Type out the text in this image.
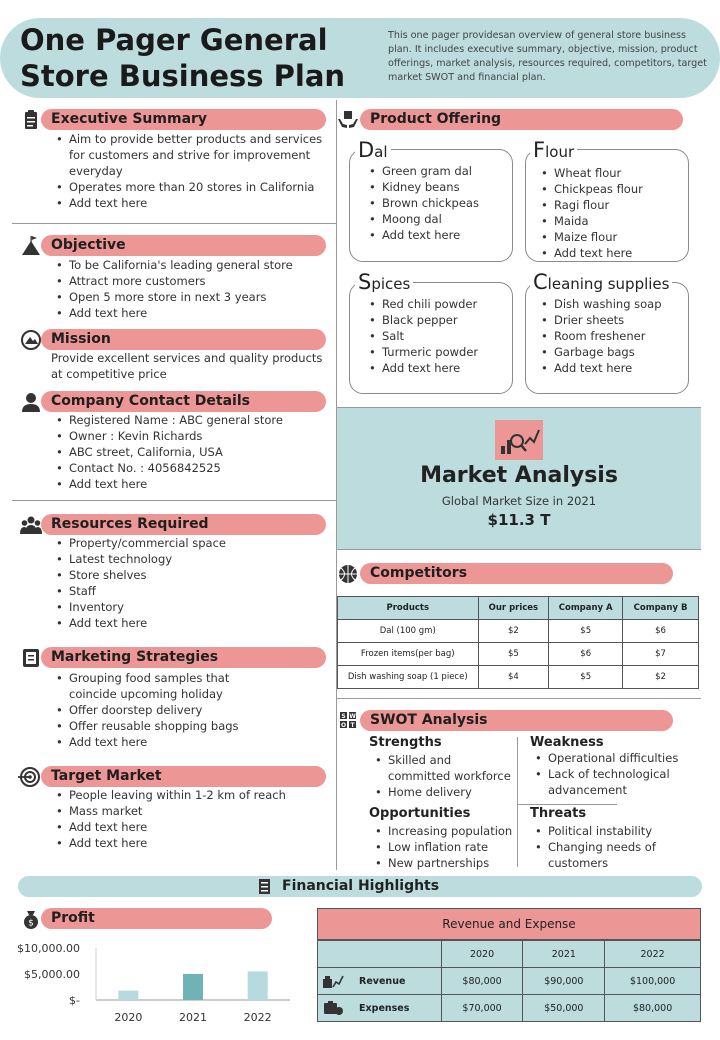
One Pager General
Store Business Plan
This one pager providesan overview of general store business plan. It includes executive summary, objective, mission, product offerings, market analysis, resources required, competitors, target market SWOT and financial plan.
Executive Summary
• Aim to provide better products and services for customers and strive for improvement everyday
• Operates more than 20 stores in California
• Add text here
Objective
• To be California's leading general store
• Attract more customers
• Open 5 more store in next 3 years
• Add text here
Mission
Provide excellent services and quality products at competitive price
Company Contact Details
• Registered Name : ABC general store
• Owner : Kevin Richards
• ABC street, California, USA
• Contact No. : 4056842525
• Add text here
Resources Required
• Property/commercial space
• Latest technology
• Store shelves
• Staff
• Inventory
• Add text here
Marketing Strategies
• Grouping food samples that coincide upcoming holiday
• Offer doorstep delivery
• Offer reusable shopping bags
• Add text here
Target Market
• People leaving within 1-2 km of reach
• Mass market
• Add text here
• Add text here
Product Offering
Dal
• Green gram dal
• Kidney beans
• Brown chickpeas
• Moong dal
• Add text here
Flour
• Wheat flour
• Chickpeas flour
• Ragi flour
• Maida
• Maize flour
• Add text here
Spices
• Red chili powder
• Black pepper
• Salt
• Turmeric powder
• Add text here
Cleaning supplies
• Dish washing soap
• Drier sheets
• Room freshener
• Garbage bags
• Add text here
Market Analysis
Global Market Size in 2021
$11.3 T
Competitors
Products	Our prices	Company A	Company B
Dal (100 gm)	$2	$5	$6
Frozen items(per bag)	$5	$6	$7
Dish washing soap (1 piece)	$4	$5	$2
S W
O T	SWOT Analysis
Strengths
• Skilled and committed workforce
• Home delivery
Weakness
• Operational difficulties
• Lack of technological advancement
Opportunities
• Increasing population
• Low inflation rate
• New partnerships
Threats
• Political instability
• Changing needs of customers
Financial Highlights
$	Profit
$10,000.00
$5,000.00
$-
2020	2021	2022
Revenue and Expense
	2020	2021	2022
Revenue	$80,000	$90,000	$100,000
Expenses	$70,000	$50,000	$80,000
